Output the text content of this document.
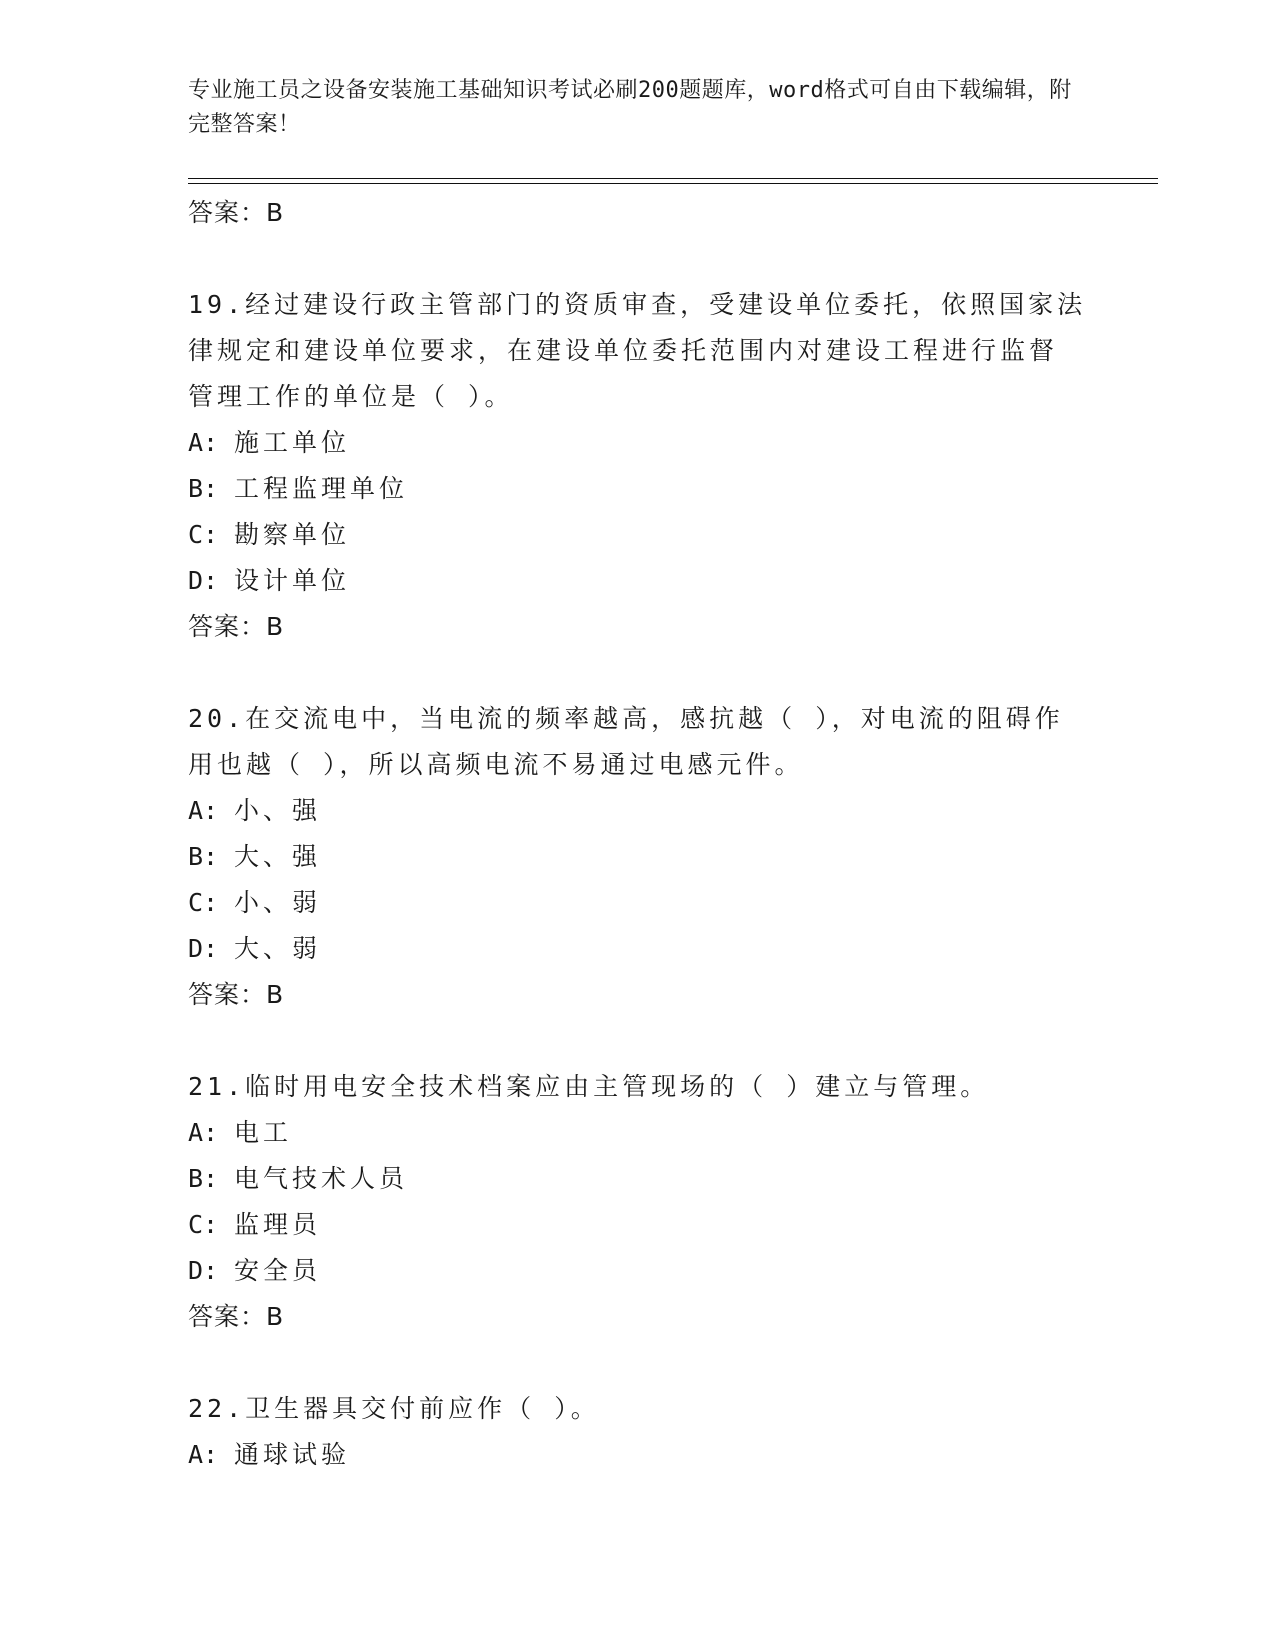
专业施工员之设备安装施工基础知识考试必刷200题题库，word格式可自由下载编辑，附完整答案！

答案：B

19.经过建设行政主管部门的资质审查，受建设单位委托，依照国家法

律规定和建设单位要求，在建设单位委托范围内对建设工程进行监督

管理工作的单位是（ ）。

A: 施工单位

B: 工程监理单位

C: 勘察单位

D: 设计单位

答案：B

20.在交流电中，当电流的频率越高，感抗越（ ），对电流的阻碍作

用也越（ ），所以高频电流不易通过电感元件。

A: 小、强

B: 大、强

C: 小、弱

D: 大、弱

答案：B

21.临时用电安全技术档案应由主管现场的（ ）建立与管理。

A: 电工

B: 电气技术人员

C: 监理员

D: 安全员

答案：B

22.卫生器具交付前应作（ ）。

A: 通球试验
